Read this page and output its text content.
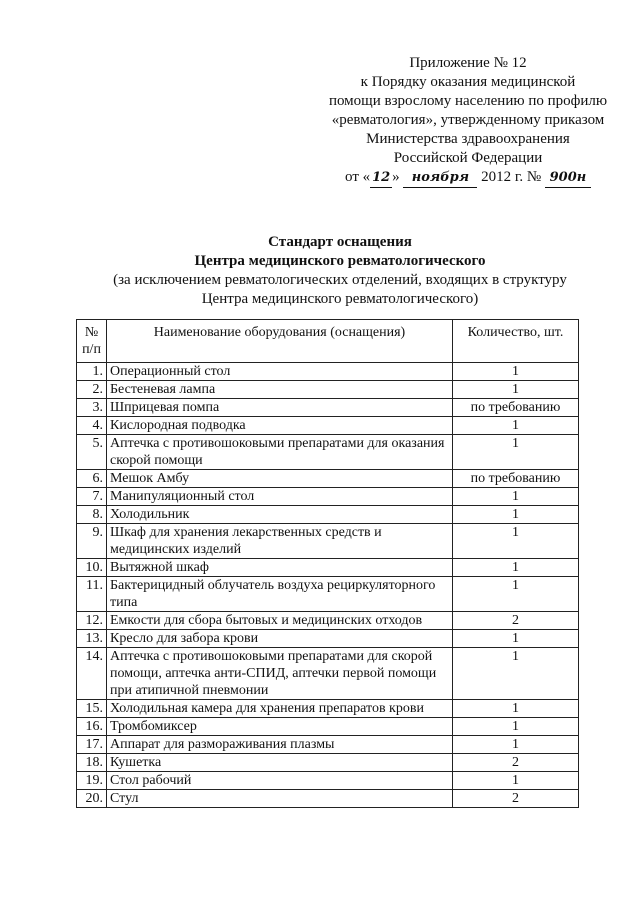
Приложение № 12
к Порядку оказания медицинской
помощи взрослому населению по профилю
«ревматология», утвержденному приказом
Министерства здравоохранения
Российской Федерации
от « 12 » ноября 2012 г. № 900н
Стандарт оснащения
Центра медицинского ревматологического
(за исключением ревматологических отделений, входящих в структуру
Центра медицинского ревматологического)
№ п/п	Наименование оборудования (оснащения)	Количество, шт.
1.	Операционный стол	1
2.	Бестеневая лампа	1
3.	Шприцевая помпа	по требованию
4.	Кислородная подводка	1
5.	Аптечка с противошоковыми препаратами для оказания скорой помощи	1
6.	Мешок Амбу	по требованию
7.	Манипуляционный стол	1
8.	Холодильник	1
9.	Шкаф для хранения лекарственных средств и медицинских изделий	1
10.	Вытяжной шкаф	1
11.	Бактерицидный облучатель воздуха рециркуляторного типа	1
12.	Емкости для сбора бытовых и медицинских отходов	2
13.	Кресло для забора крови	1
14.	Аптечка с противошоковыми препаратами для скорой помощи, аптечка анти-СПИД, аптечки первой помощи при атипичной пневмонии	1
15.	Холодильная камера для хранения препаратов крови	1
16.	Тромбомиксер	1
17.	Аппарат для размораживания плазмы	1
18.	Кушетка	2
19.	Стол рабочий	1
20.	Стул	2
